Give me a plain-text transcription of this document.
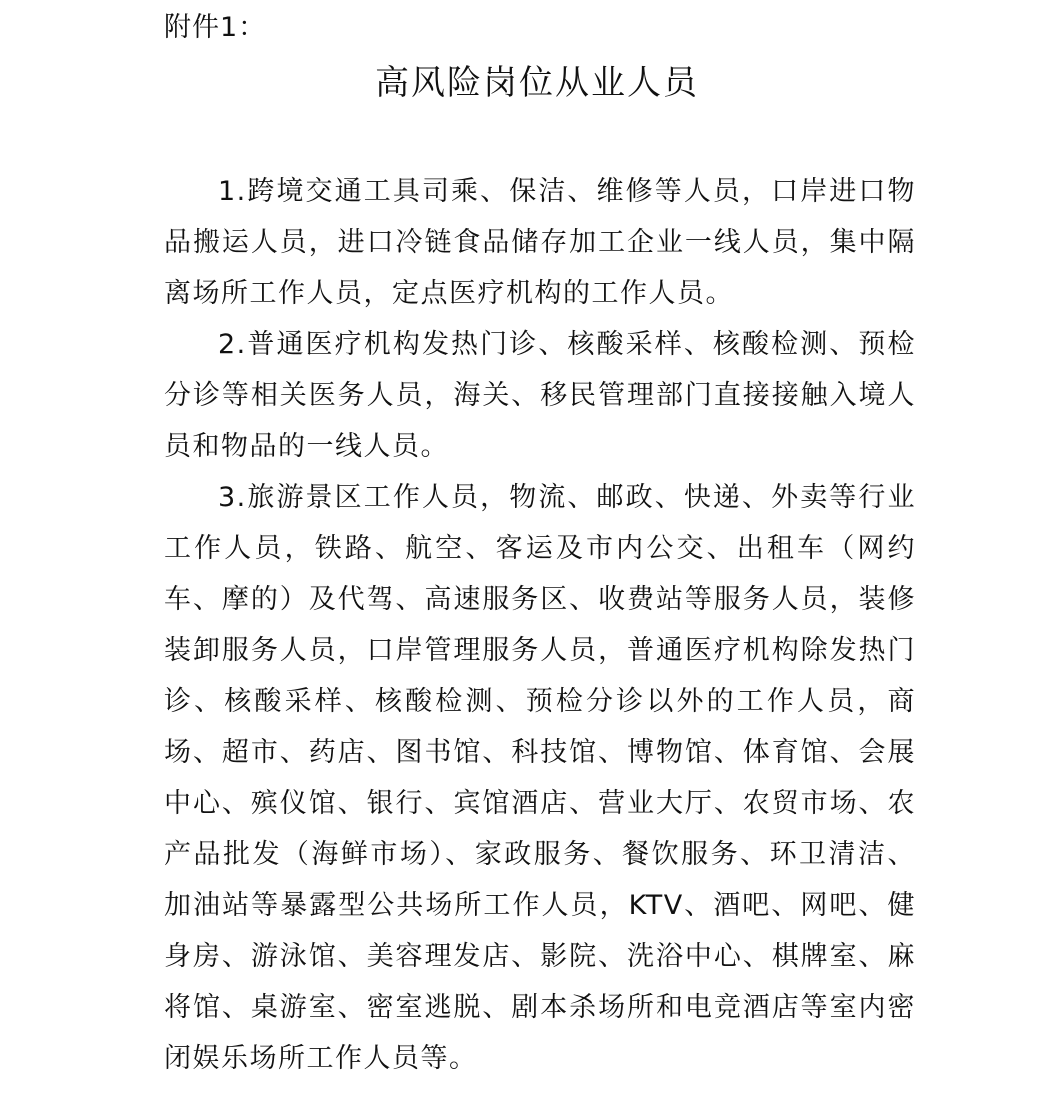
附件1：

高风险岗位从业人员

1.跨境交通工具司乘、保洁、维修等人员，口岸进口物品搬运人员，进口冷链食品储存加工企业一线人员，集中隔离场所工作人员，定点医疗机构的工作人员。

2.普通医疗机构发热门诊、核酸采样、核酸检测、预检分诊等相关医务人员，海关、移民管理部门直接接触入境人员和物品的一线人员。

3.旅游景区工作人员，物流、邮政、快递、外卖等行业工作人员，铁路、航空、客运及市内公交、出租车（网约车、摩的）及代驾、高速服务区、收费站等服务人员，装修装卸服务人员，口岸管理服务人员，普通医疗机构除发热门诊、核酸采样、核酸检测、预检分诊以外的工作人员，商场、超市、药店、图书馆、科技馆、博物馆、体育馆、会展中心、殡仪馆、银行、宾馆酒店、营业大厅、农贸市场、农产品批发（海鲜市场）、家政服务、餐饮服务、环卫清洁、加油站等暴露型公共场所工作人员，KTV、酒吧、网吧、健身房、游泳馆、美容理发店、影院、洗浴中心、棋牌室、麻将馆、桌游室、密室逃脱、剧本杀场所和电竞酒店等室内密闭娱乐场所工作人员等。
